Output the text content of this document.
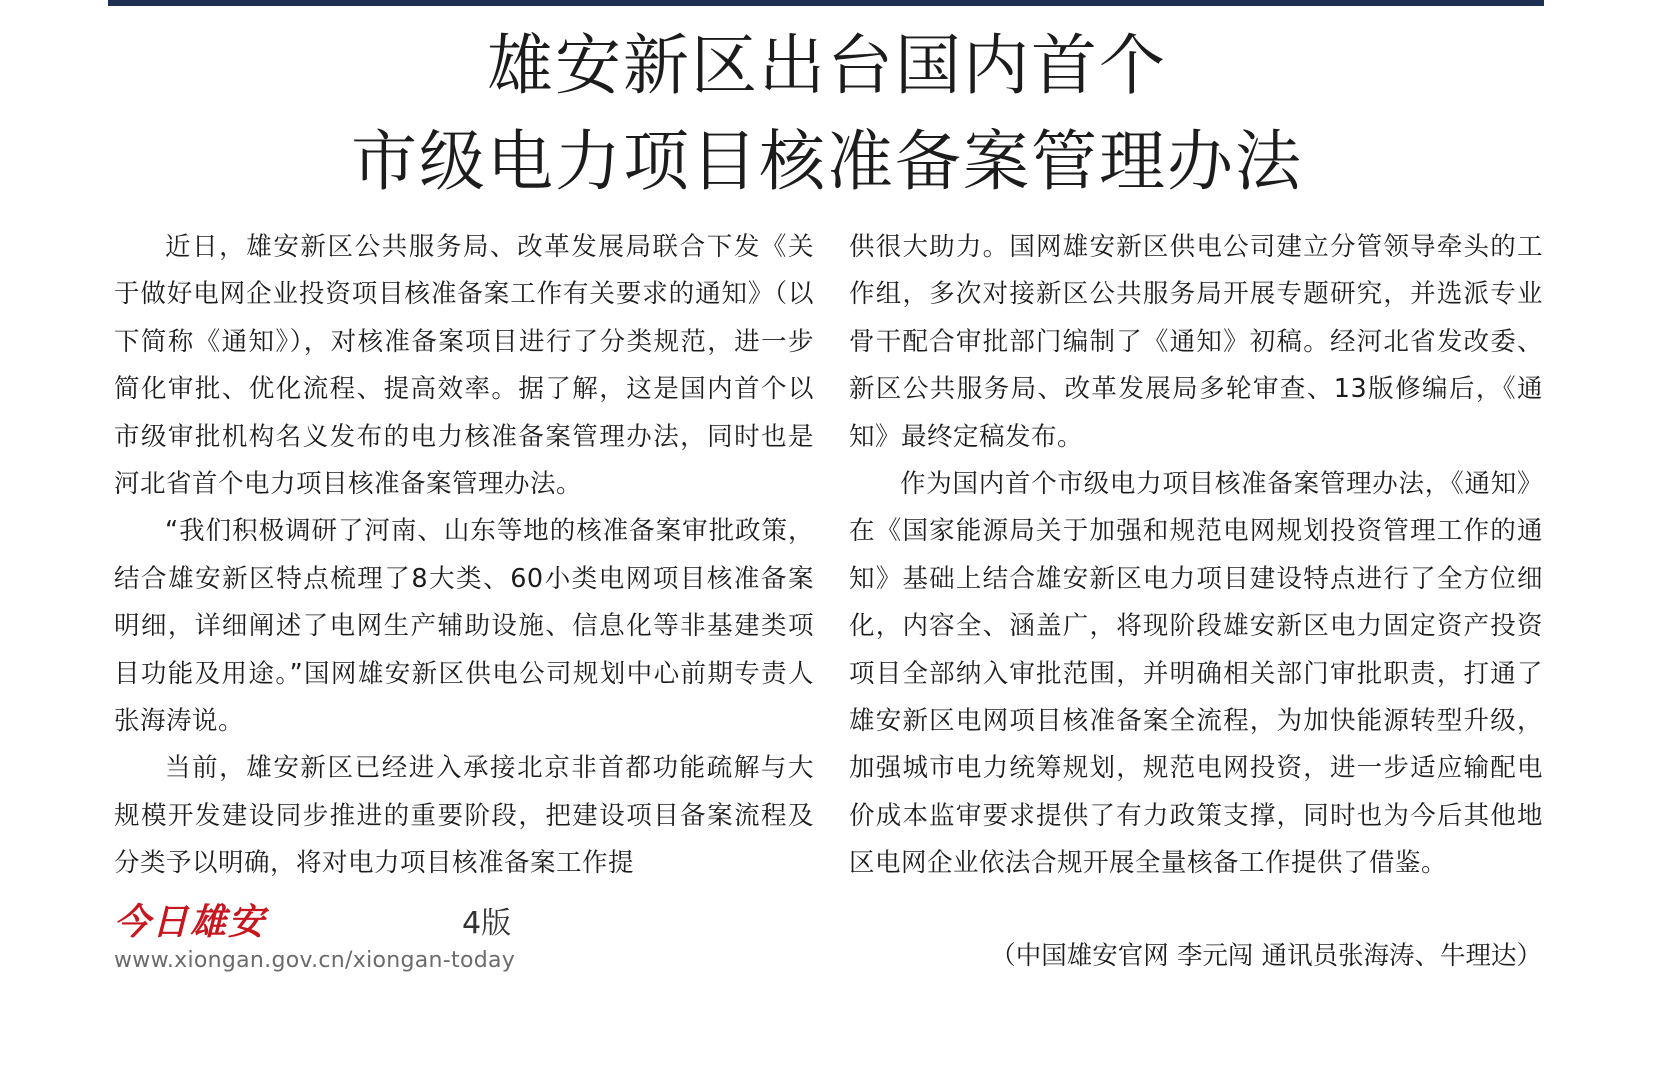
雄安新区出台国内首个
市级电力项目核准备案管理办法

近日，雄安新区公共服务局、改革发展局联合下发《关于做好电网企业投资项目核准备案工作有关要求的通知》（以下简称《通知》），对核准备案项目进行了分类规范，进一步简化审批、优化流程、提高效率。据了解，这是国内首个以市级审批机构名义发布的电力核准备案管理办法，同时也是河北省首个电力项目核准备案管理办法。

“我们积极调研了河南、山东等地的核准备案审批政策，结合雄安新区特点梳理了8大类、60小类电网项目核准备案明细，详细阐述了电网生产辅助设施、信息化等非基建类项目功能及用途。”国网雄安新区供电公司规划中心前期专责人张海涛说。

当前，雄安新区已经进入承接北京非首都功能疏解与大规模开发建设同步推进的重要阶段，把建设项目备案流程及分类予以明确，将对电力项目核准备案工作提

供很大助力。国网雄安新区供电公司建立分管领导牵头的工作组，多次对接新区公共服务局开展专题研究，并选派专业骨干配合审批部门编制了《通知》初稿。经河北省发改委、新区公共服务局、改革发展局多轮审查、13版修编后，《通知》最终定稿发布。

作为国内首个市级电力项目核准备案管理办法，《通知》在《国家能源局关于加强和规范电网规划投资管理工作的通知》基础上结合雄安新区电力项目建设特点进行了全方位细化，内容全、涵盖广，将现阶段雄安新区电力固定资产投资项目全部纳入审批范围，并明确相关部门审批职责，打通了雄安新区电网项目核准备案全流程，为加快能源转型升级，加强城市电力统筹规划，规范电网投资，进一步适应输配电价成本监审要求提供了有力政策支撑，同时也为今后其他地区电网企业依法合规开展全量核备工作提供了借鉴。

（中国雄安官网 李元闯 通讯员张海涛、牛理达）
今日雄安	4版
www.xiongan.gov.cn/xiongan-today
